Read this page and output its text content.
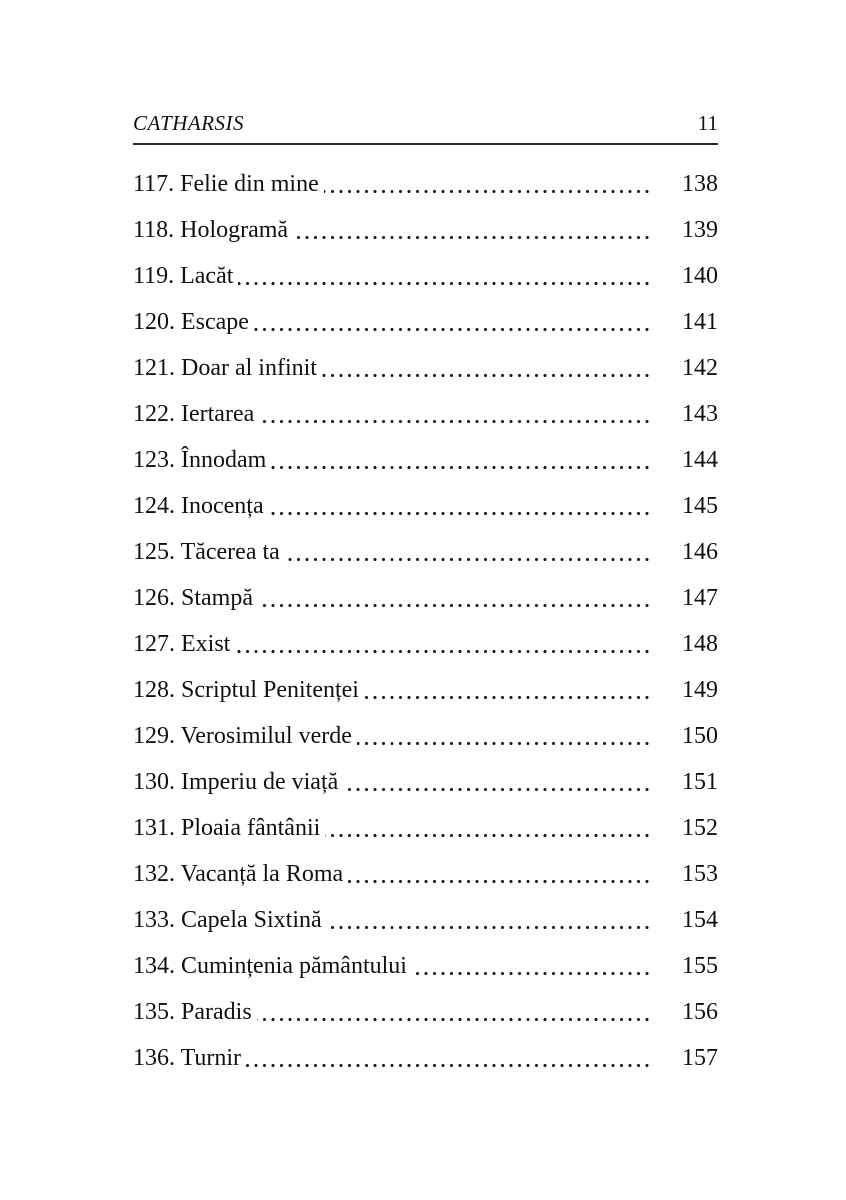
CATHARSIS	11
117. Felie din mine	138
118. Hologramă	139
119. Lacăt	140
120. Escape	141
121. Doar al infinit	142
122. Iertarea	143
123. Înnodam	144
124. Inocența	145
125. Tăcerea ta	146
126. Stampă	147
127. Exist	148
128. Scriptul Penitenței	149
129. Verosimilul verde	150
130. Imperiu de viață	151
131. Ploaia fântânii	152
132. Vacanță la Roma	153
133. Capela Sixtină	154
134. Cumințenia pământului	155
135. Paradis	156
136. Turnir	157
